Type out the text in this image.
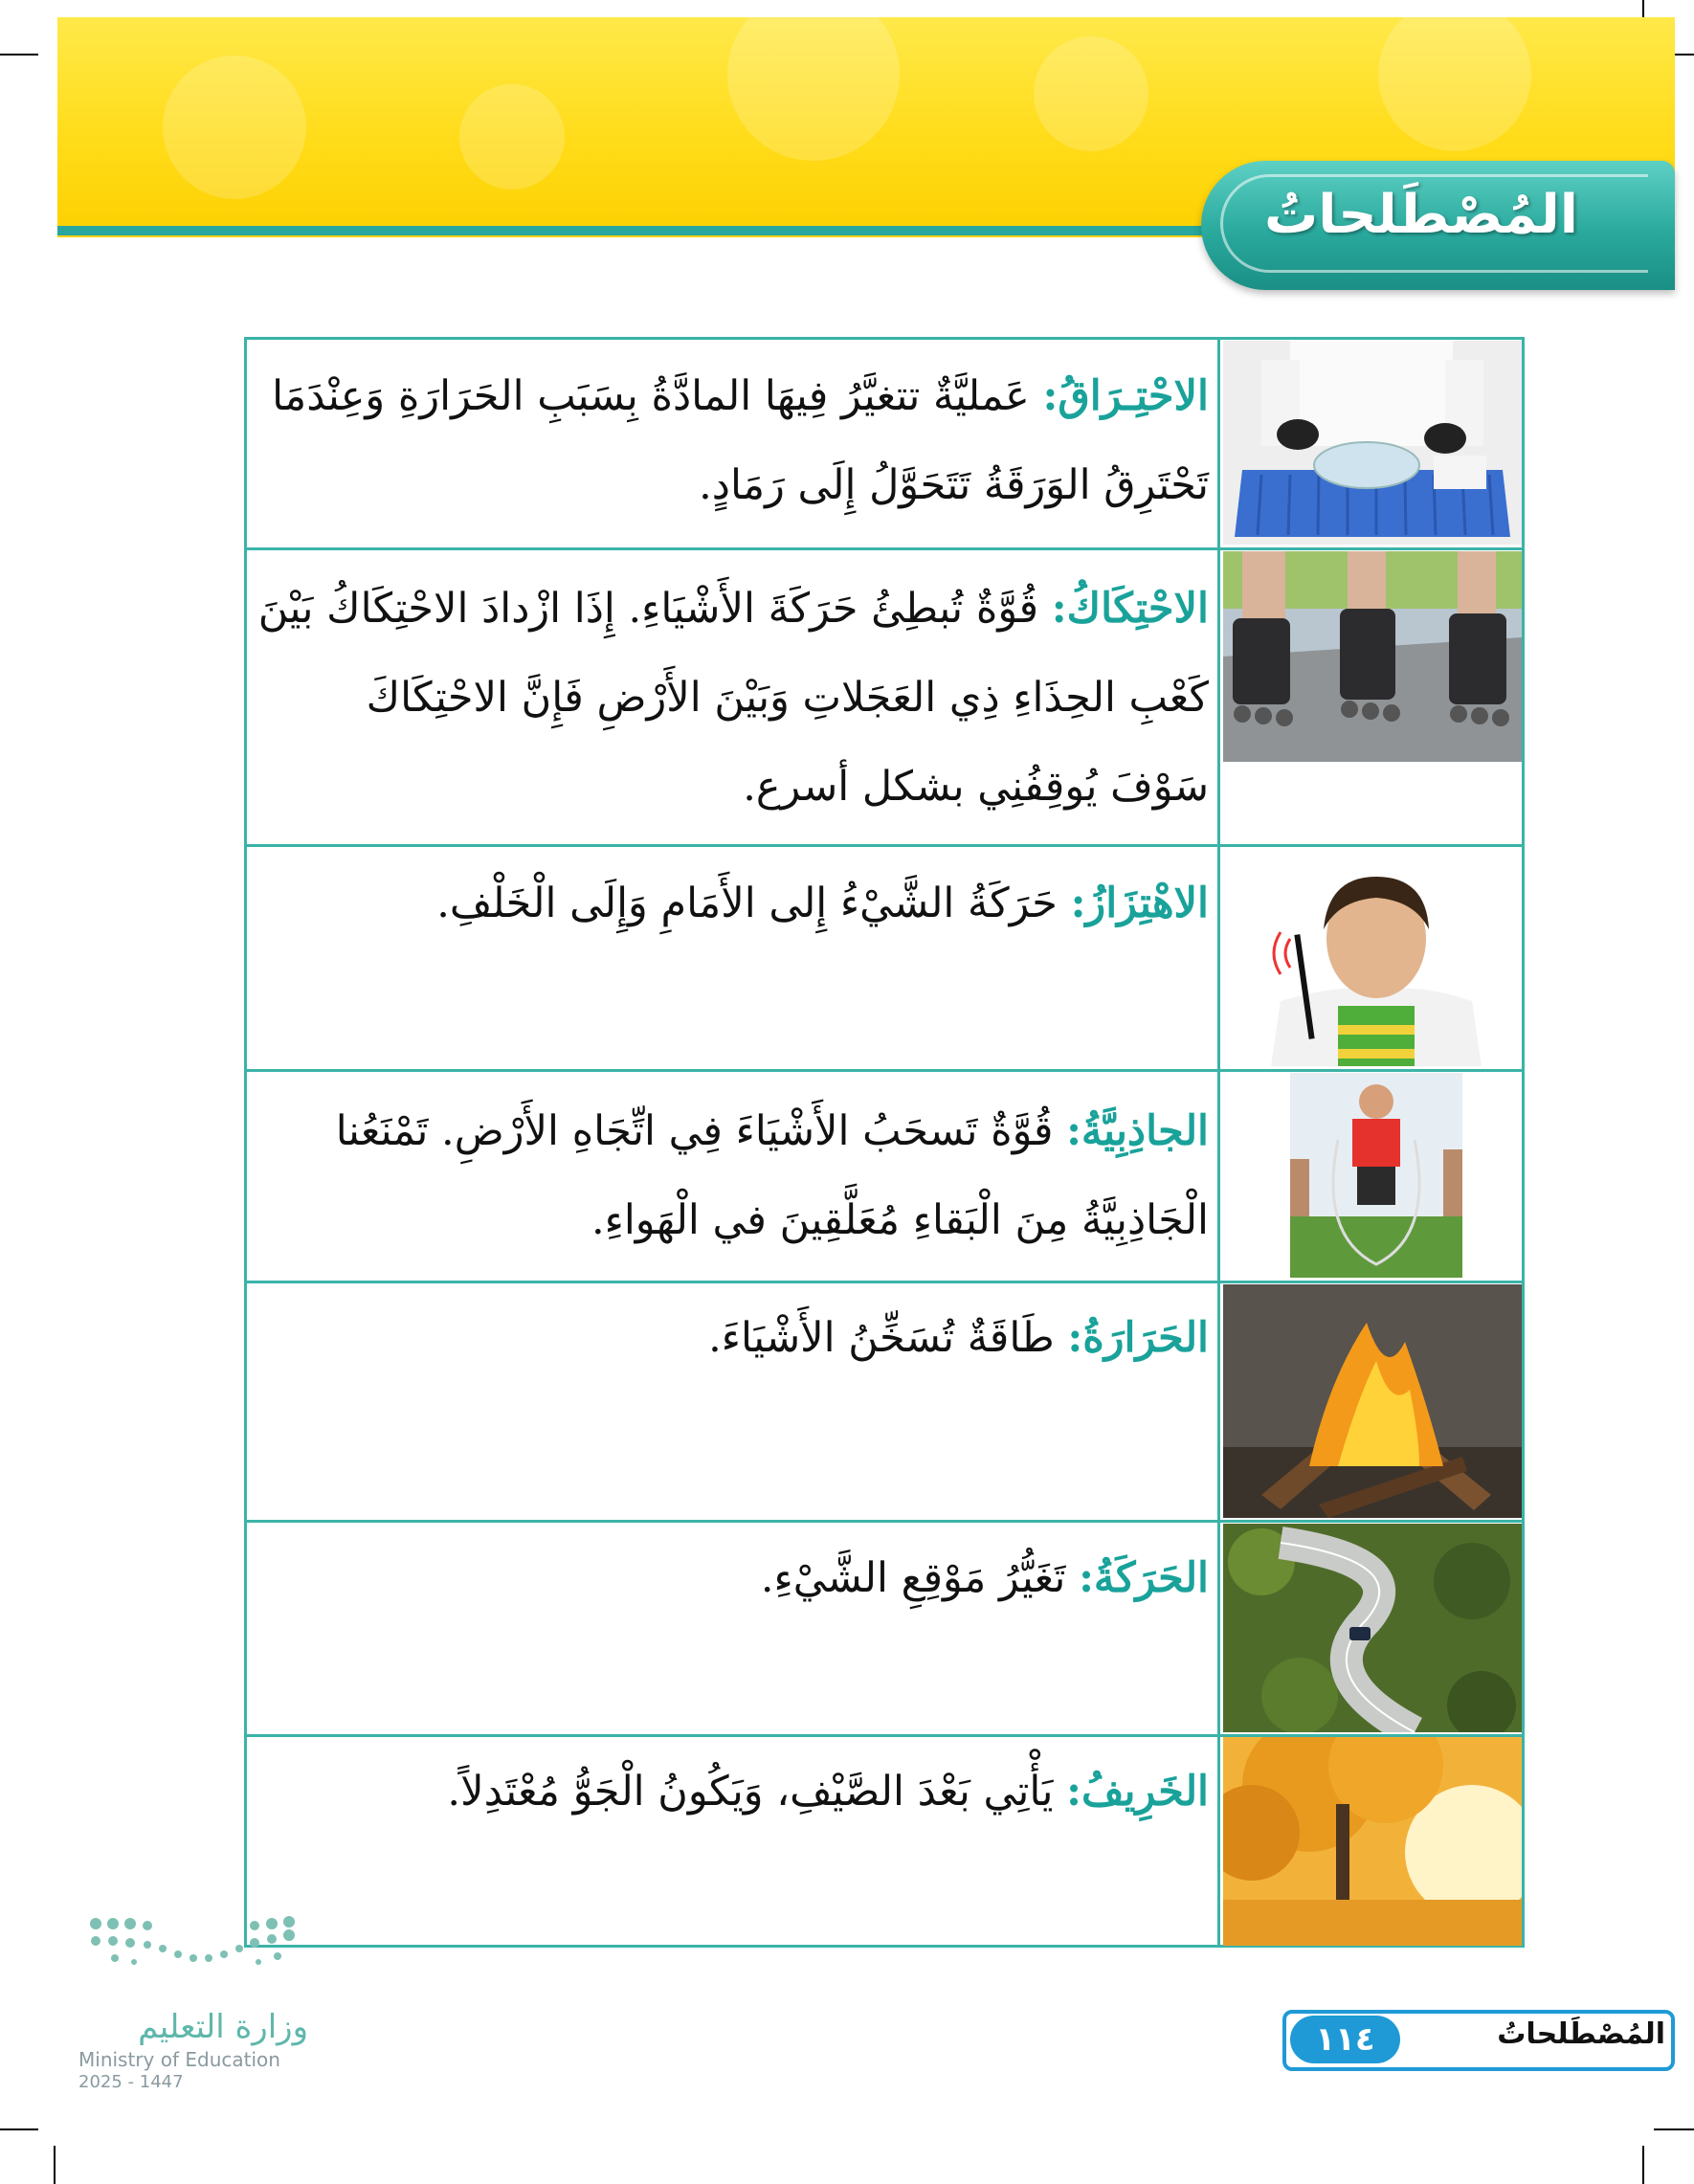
المُصْطَلحاتُ
الاحْتِـرَاقُ: عَمليَّةٌ تتغيَّرُ فِيهَا المادَّةُ بِسَبَبِ الحَرَارَةِ وَعِنْدَمَا تَحْتَرِقُ الوَرَقَةُ تَتَحَوَّلُ إِلَى رَمَادٍ.
الاحْتِكَاكُ: قُوَّةٌ تُبطِئُ حَرَكَةَ الأَشْيَاءِ. إِذَا ازْدادَ الاحْتِكَاكُ بَيْنَ كَعْبِ الحِذَاءِ ذِي العَجَلاتِ وَبَيْنَ الأَرْضِ فَإِنَّ الاحْتِكَاكَ سَوْفَ يُوقِفُنِي بشكل أسرع.
الاهْتِزَازُ: حَرَكَةُ الشَّيْءُ إِلى الأَمَامِ وَإِلَى الْخَلْفِ.
الجاذِبِيَّةُ: قُوَّةٌ تَسحَبُ الأَشْيَاءَ فِي اتِّجَاهِ الأَرْضِ. تَمْنَعُنا الْجَاذِبِيَّةُ مِنَ الْبَقاءِ مُعَلَّقِينَ في الْهَواءِ.
الحَرَارَةُ: طَاقَةٌ تُسَخِّنُ الأَشْيَاءَ.
الحَرَكَةُ: تَغَيُّرُ مَوْقِعِ الشَّيْءِ.
الخَرِيفُ: يَأْتِي بَعْدَ الصَّيْفِ، وَيَكُونُ الْجَوُّ مُعْتَدِلاً.
وزارة التعليم
Ministry of Education
2025 - 1447
المُصْطَلحاتُ
١١٤
